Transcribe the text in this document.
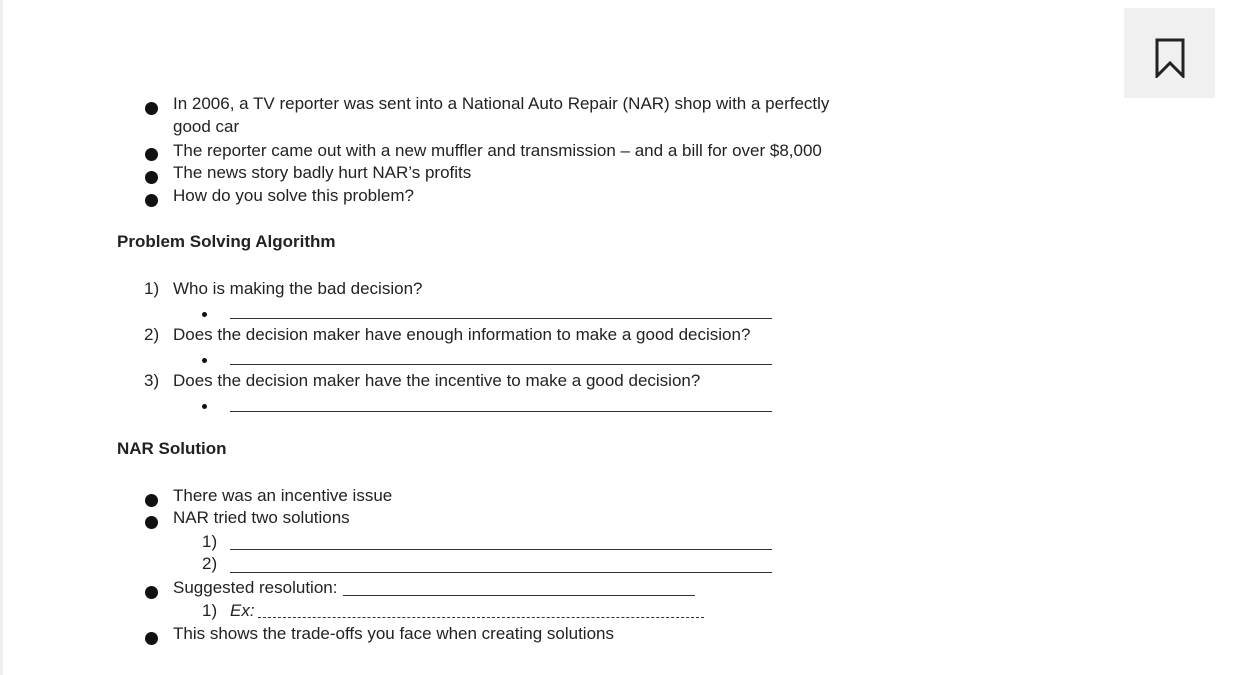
In 2006, a TV reporter was sent into a National Auto Repair (NAR) shop with a perfectly
good car
The reporter came out with a new muffler and transmission – and a bill for over $8,000
The news story badly hurt NAR’s profits
How do you solve this problem?
Problem Solving Algorithm
1) Who is making the bad decision?
2) Does the decision maker have enough information to make a good decision?
3) Does the decision maker have the incentive to make a good decision?
NAR Solution
There was an incentive issue
NAR tried two solutions
1)
2)
Suggested resolution:
1) Ex:
This shows the trade-offs you face when creating solutions
